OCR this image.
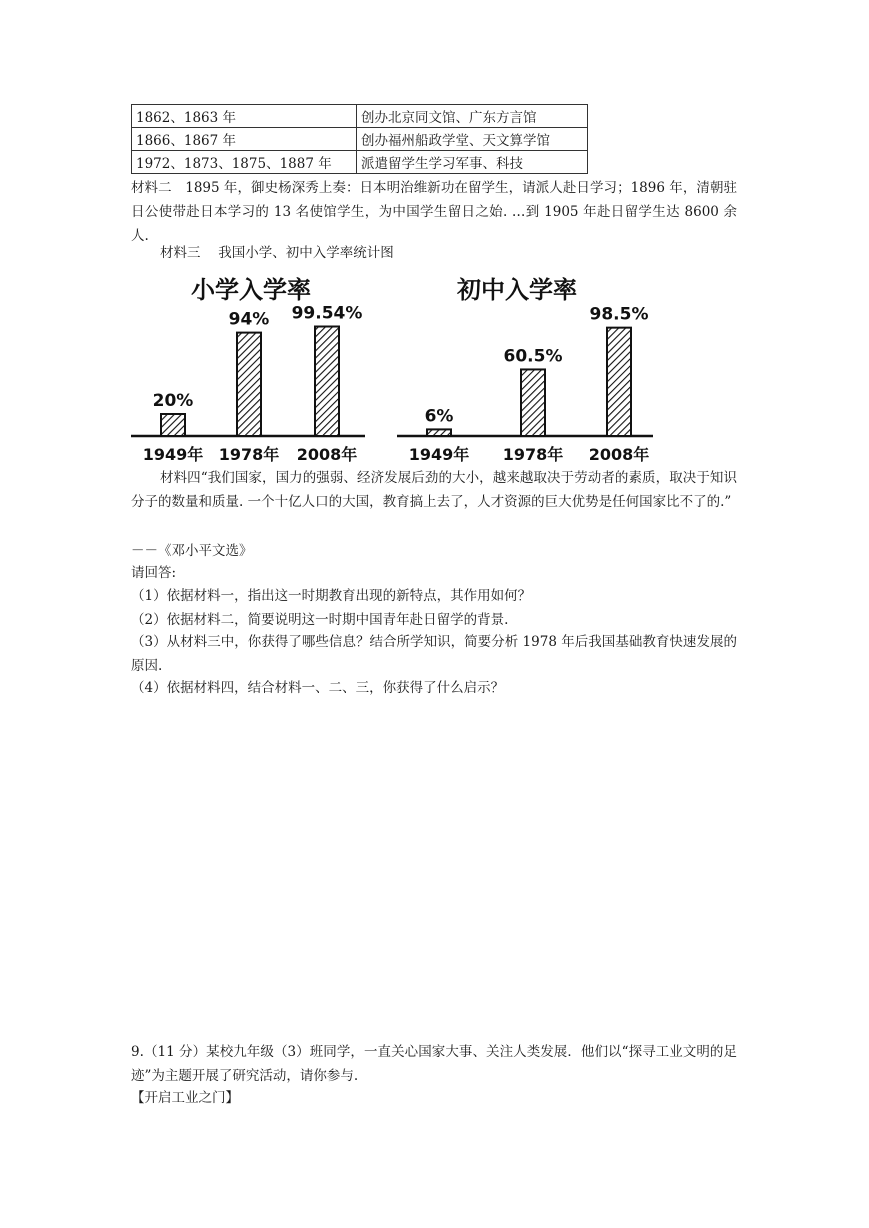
1862、1863 年	创办北京同文馆、广东方言馆
1866、1867 年	创办福州船政学堂、天文算学馆
1972、1873、1875、1887 年	派遣留学生学习军事、科技
材料二　1895 年，御史杨深秀上奏：日本明治维新功在留学生，请派人赴日学习；1896 年，清朝驻日公使带赴日本学习的 13 名使馆学生，为中国学生留日之始. …到 1905 年赴日留学生达 8600 余人.
材料三　 我国小学、初中入学率统计图
小学入学率
20%
1949年
94%
1978年
99.54%
2008年
初中入学率
6%
1949年
60.5%
1978年
98.5%
2008年
材料四“我们国家，国力的强弱、经济发展后劲的大小，越来越取决于劳动者的素质，取决于知识分子的数量和质量. 一个十亿人口的大国，教育搞上去了，人才资源的巨大优势是任何国家比不了的.”
－－《邓小平文选》
请回答:
（1）依据材料一，指出这一时期教育出现的新特点，其作用如何？
（2）依据材料二，简要说明这一时期中国青年赴日留学的背景.
（3）从材料三中，你获得了哪些信息？结合所学知识，简要分析 1978 年后我国基础教育快速发展的原因.
（4）依据材料四，结合材料一、二、三，你获得了什么启示？
9.（11 分）某校九年级（3）班同学，一直关心国家大事、关注人类发展．他们以“探寻工业文明的足迹”为主题开展了研究活动，请你参与.
【开启工业之门】
